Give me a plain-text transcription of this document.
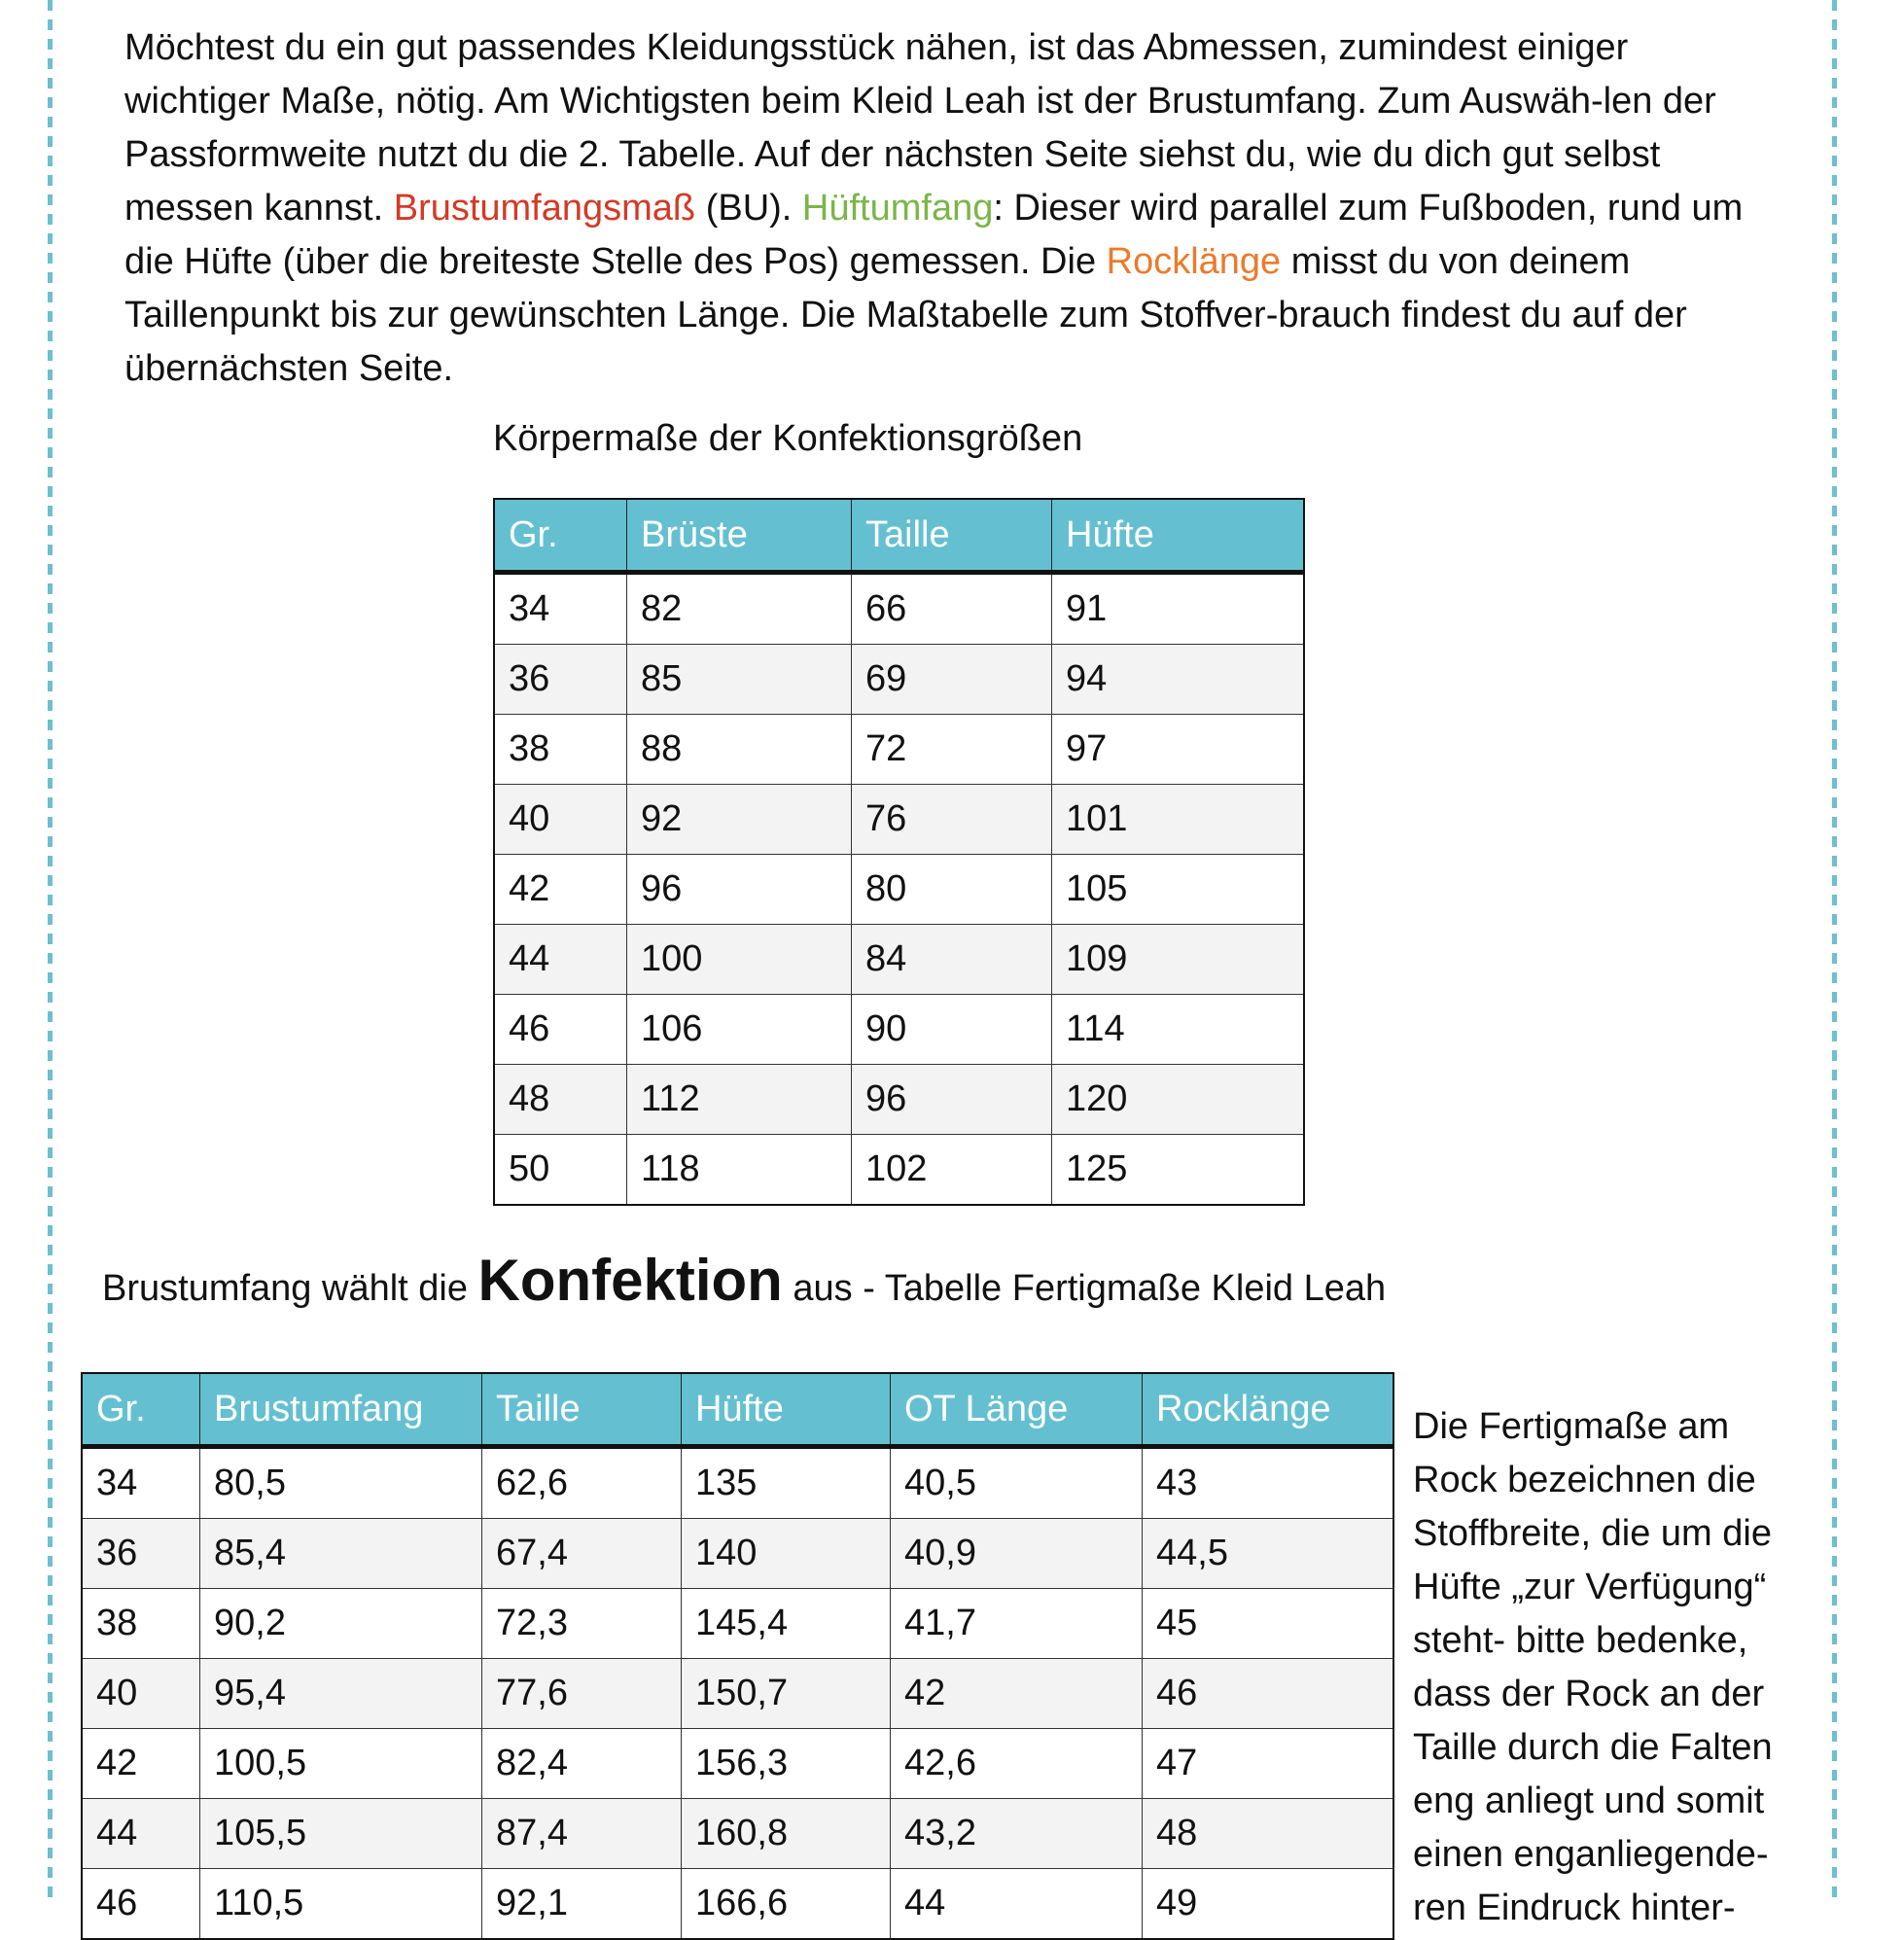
Möchtest du ein gut passendes Kleidungsstück nähen, ist das Abmessen, zumindest einiger wichtiger Maße, nötig. Am Wichtigsten beim Kleid Leah ist der Brustumfang. Zum Auswäh-len der Passformweite nutzt du die 2. Tabelle. Auf der nächsten Seite siehst du, wie du dich gut selbst messen kannst. Brustumfangsmaß (BU). Hüftumfang: Dieser wird parallel zum Fußboden, rund um die Hüfte (über die breiteste Stelle des Pos) gemessen. Die Rocklänge misst du von deinem Taillenpunkt bis zur gewünschten Länge. Die Maßtabelle zum Stoffver-brauch findest du auf der übernächsten Seite.

Körpermaße der Konfektionsgrößen
Gr.	Brüste	Taille	Hüfte
34	82	66	91
36	85	69	94
38	88	72	97
40	92	76	101
42	96	80	105
44	100	84	109
46	106	90	114
48	112	96	120
50	118	102	125
Brustumfang wählt die Konfektion aus - Tabelle Fertigmaße Kleid Leah
Gr.	Brustumfang	Taille	Hüfte	OT Länge	Rocklänge
34	80,5	62,6	135	40,5	43
36	85,4	67,4	140	40,9	44,5
38	90,2	72,3	145,4	41,7	45
40	95,4	77,6	150,7	42	46
42	100,5	82,4	156,3	42,6	47
44	105,5	87,4	160,8	43,2	48
46	110,5	92,1	166,6	44	49

Die Fertigmaße am Rock bezeichnen die Stoffbreite, die um die Hüfte „zur Verfügung“ steht- bitte bedenke, dass der Rock an der Taille durch die Falten eng anliegt und somit einen enganliegende-ren Eindruck hinter-
